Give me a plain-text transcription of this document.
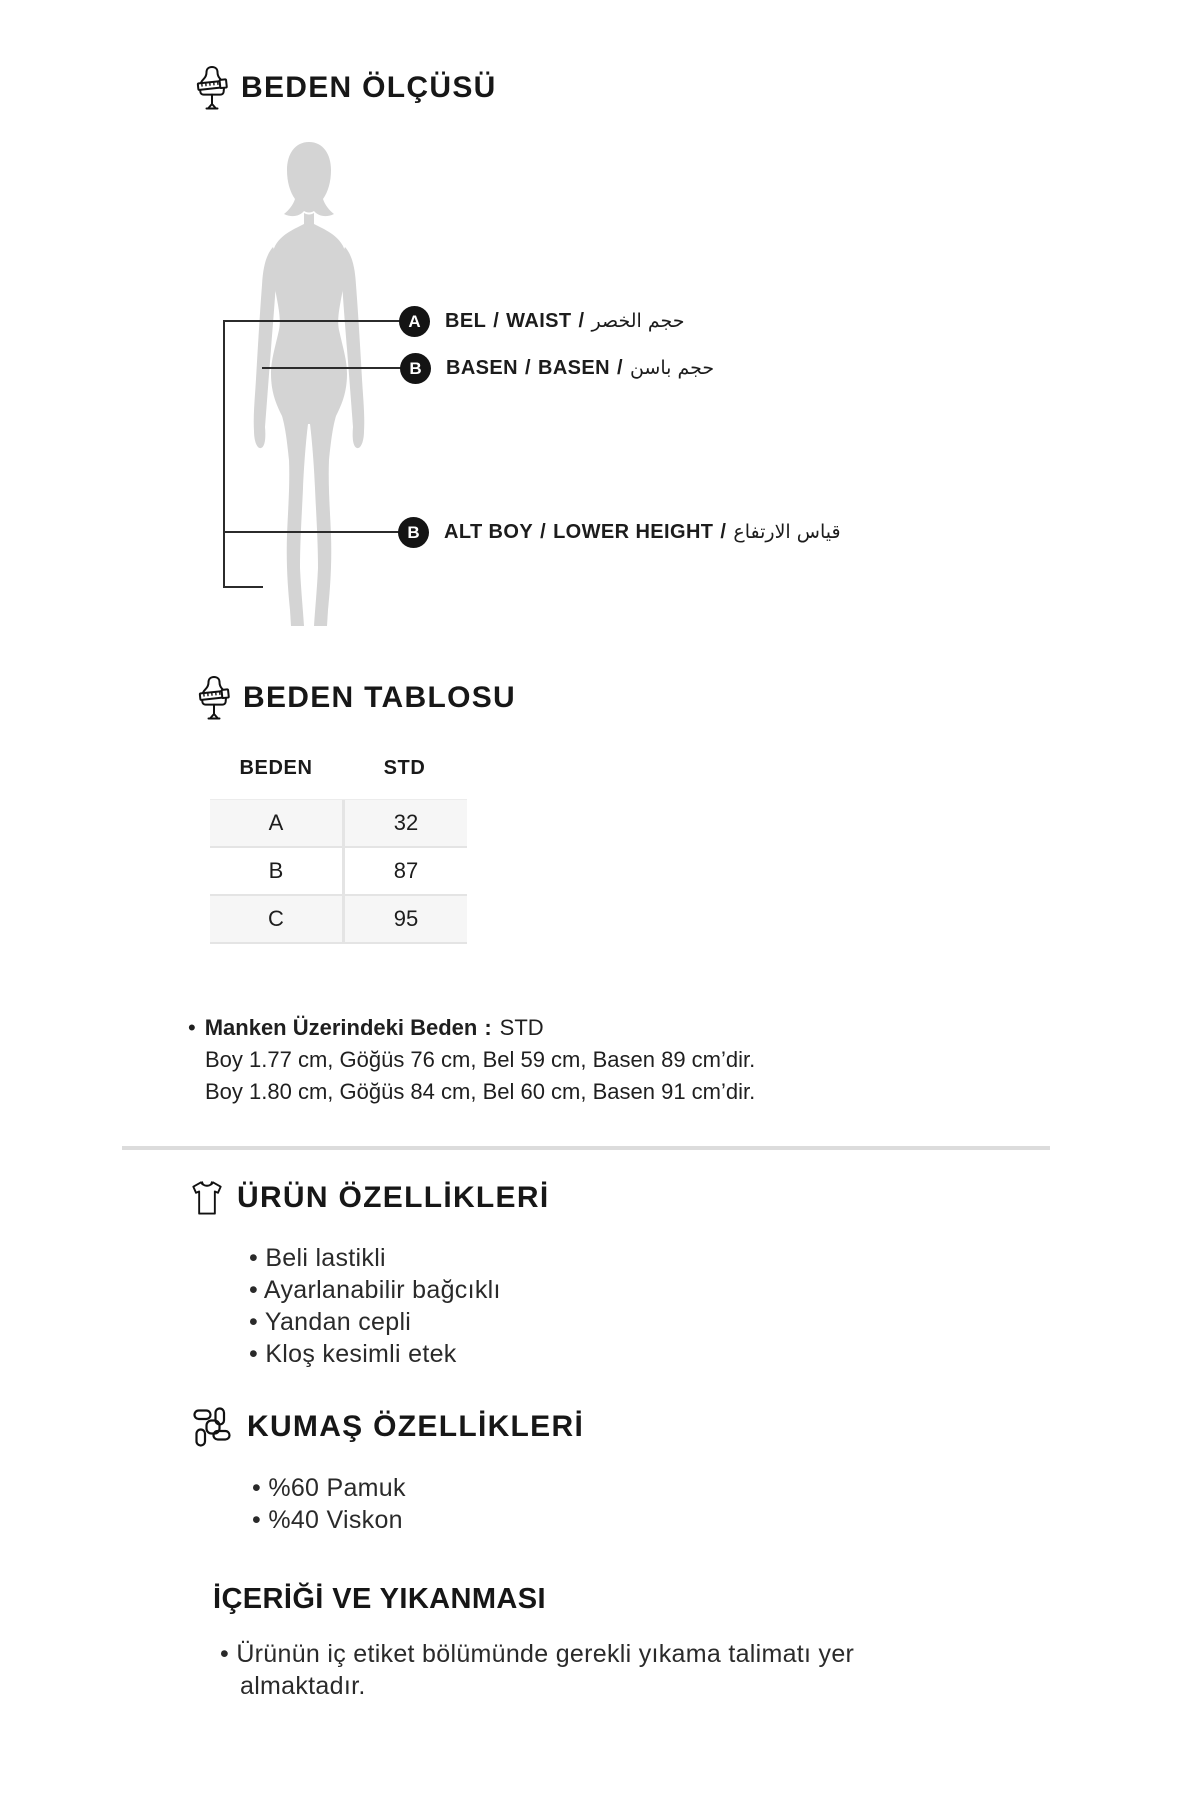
BEDEN ÖLÇÜSÜ
A	BEL / WAIST / حجم الخصر
B	BASEN / BASEN / حجم باسن
B	ALT BOY / LOWER HEIGHT / قياس الارتفاع
BEDEN TABLOSU
BEDEN	STD
A	32
B	87
C	95
• Manken Üzerindeki Beden : STD
Boy 1.77 cm, Göğüs 76 cm, Bel 59 cm, Basen 89 cm’dir.
Boy 1.80 cm, Göğüs 84 cm, Bel 60 cm, Basen 91 cm’dir.
ÜRÜN ÖZELLİKLERİ
• Beli lastikli
• Ayarlanabilir bağcıklı
• Yandan cepli
• Kloş kesimli etek
KUMAŞ ÖZELLİKLERİ
• %60 Pamuk
• %40 Viskon
İÇERİĞİ VE YIKANMASI
• Ürünün iç etiket bölümünde gerekli yıkama talimatı yer almaktadır.
